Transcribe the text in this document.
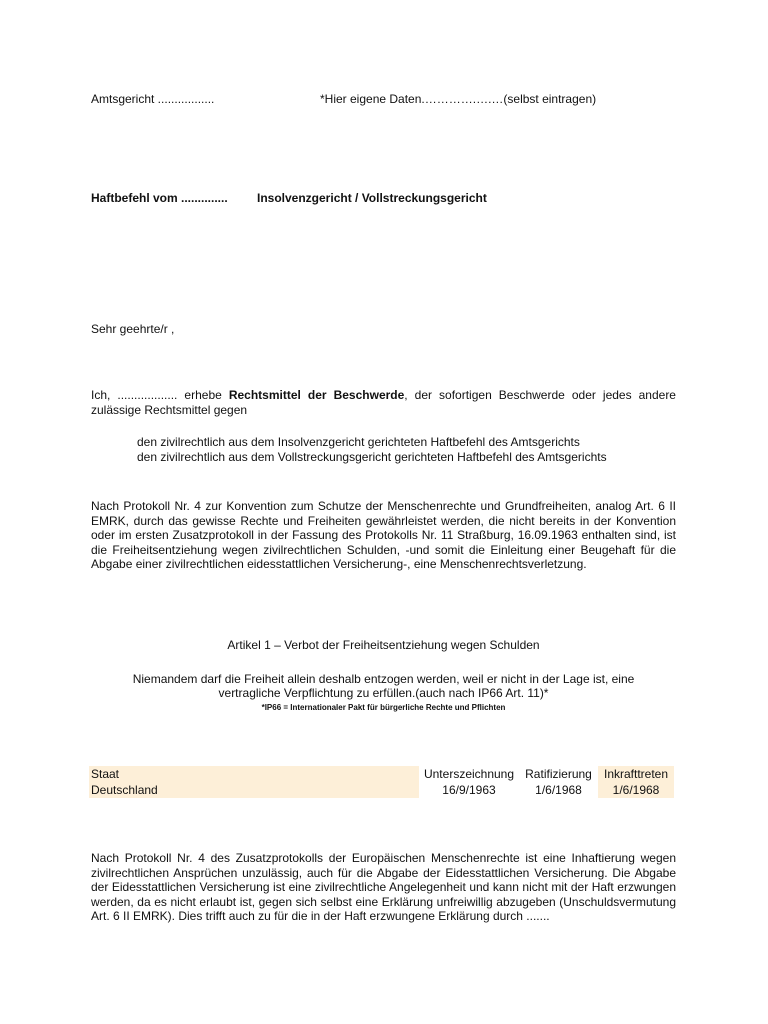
Amtsgericht .................	*Hier eigene Daten.………….….…(selbst eintragen)
Haftbefehl vom .............. Insolvenzgericht / Vollstreckungsgericht
Sehr geehrte/r ,
Ich, .................. erhebe Rechtsmittel der Beschwerde, der sofortigen Beschwerde oder jedes andere zulässige Rechtsmittel gegen
den zivilrechtlich aus dem Insolvenzgericht gerichteten Haftbefehl des Amtsgerichts
den zivilrechtlich aus dem Vollstreckungsgericht gerichteten Haftbefehl des Amtsgerichts
Nach Protokoll Nr. 4 zur Konvention zum Schutze der Menschenrechte und Grundfreiheiten, analog Art. 6 II EMRK, durch das gewisse Rechte und Freiheiten gewährleistet werden, die nicht bereits in der Konvention oder im ersten Zusatzprotokoll in der Fassung des Protokolls Nr. 11 Straßburg, 16.09.1963 enthalten sind, ist die Freiheitsentziehung wegen zivilrechtlichen Schulden, -und somit die Einleitung einer Beugehaft für die Abgabe einer zivilrechtlichen eidesstattlichen Versicherung-, eine Menschenrechtsverletzung.
Artikel 1 – Verbot der Freiheitsentziehung wegen Schulden
Niemandem darf die Freiheit allein deshalb entzogen werden, weil er nicht in der Lage ist, eine
vertragliche Verpflichtung zu erfüllen.(auch nach IP66 Art. 11)*
*IP66 = Internationaler Pakt für bürgerliche Rechte und Pflichten
Staat	Unterszeichnung	Ratifizierung	Inkrafttreten
Deutschland	16/9/1963	1/6/1968	1/6/1968
Nach Protokoll Nr. 4 des Zusatzprotokolls der Europäischen Menschenrechte ist eine Inhaftierung wegen zivilrechtlichen Ansprüchen unzulässig, auch für die Abgabe der Eidesstattlichen Versicherung. Die Abgabe der Eidesstattlichen Versicherung ist eine zivilrechtliche Angelegenheit und kann nicht mit der Haft erzwungen werden, da es nicht erlaubt ist, gegen sich selbst eine Erklärung unfreiwillig abzugeben (Unschuldsvermutung Art. 6 II EMRK). Dies trifft auch zu für die in der Haft erzwungene Erklärung durch .......
